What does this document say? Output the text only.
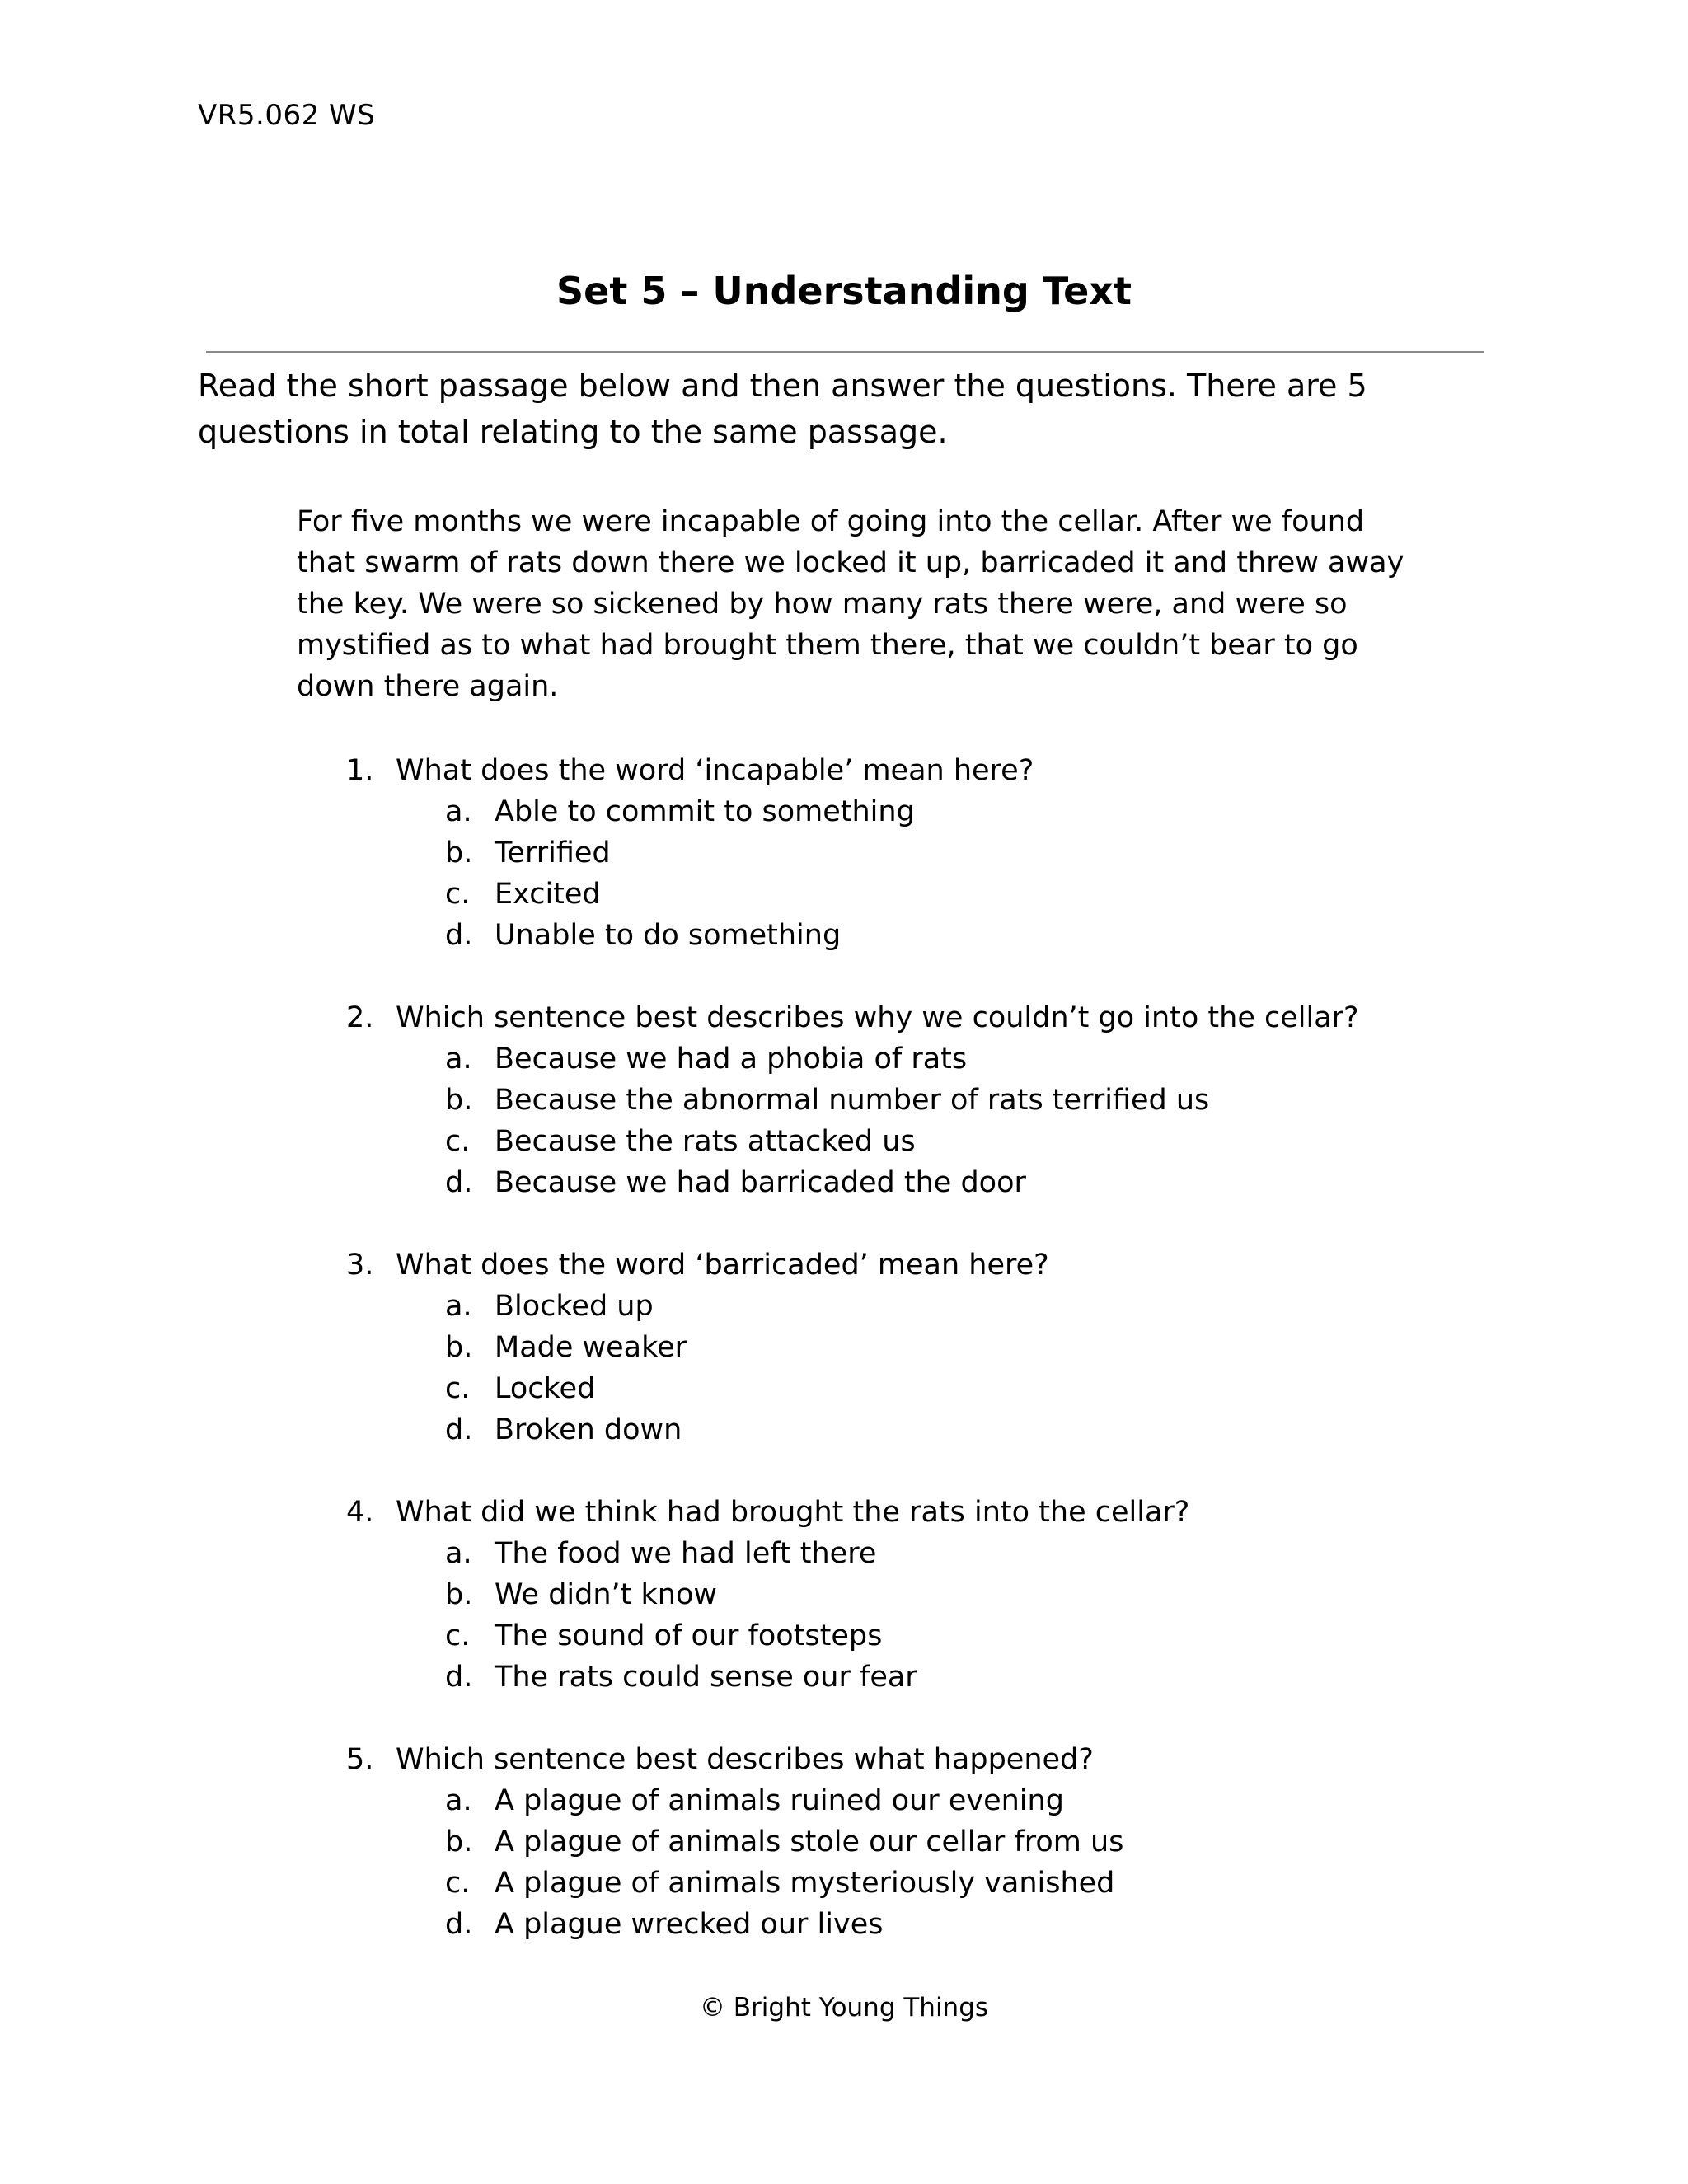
VR5.062 WS
Set 5 – Understanding Text
Read the short passage below and then answer the questions. There are 5 questions in total relating to the same passage.
For five months we were incapable of going into the cellar. After we found
that swarm of rats down there we locked it up, barricaded it and threw away
the key. We were so sickened by how many rats there were, and were so
mystified as to what had brought them there, that we couldn’t bear to go
down there again.
1. What does the word ‘incapable’ mean here?
a. Able to commit to something
b. Terrified
c. Excited
d. Unable to do something
2. Which sentence best describes why we couldn’t go into the cellar?
a. Because we had a phobia of rats
b. Because the abnormal number of rats terrified us
c. Because the rats attacked us
d. Because we had barricaded the door
3. What does the word ‘barricaded’ mean here?
a. Blocked up
b. Made weaker
c. Locked
d. Broken down
4. What did we think had brought the rats into the cellar?
a. The food we had left there
b. We didn’t know
c. The sound of our footsteps
d. The rats could sense our fear
5. Which sentence best describes what happened?
a. A plague of animals ruined our evening
b. A plague of animals stole our cellar from us
c. A plague of animals mysteriously vanished
d. A plague wrecked our lives
© Bright Young Things
